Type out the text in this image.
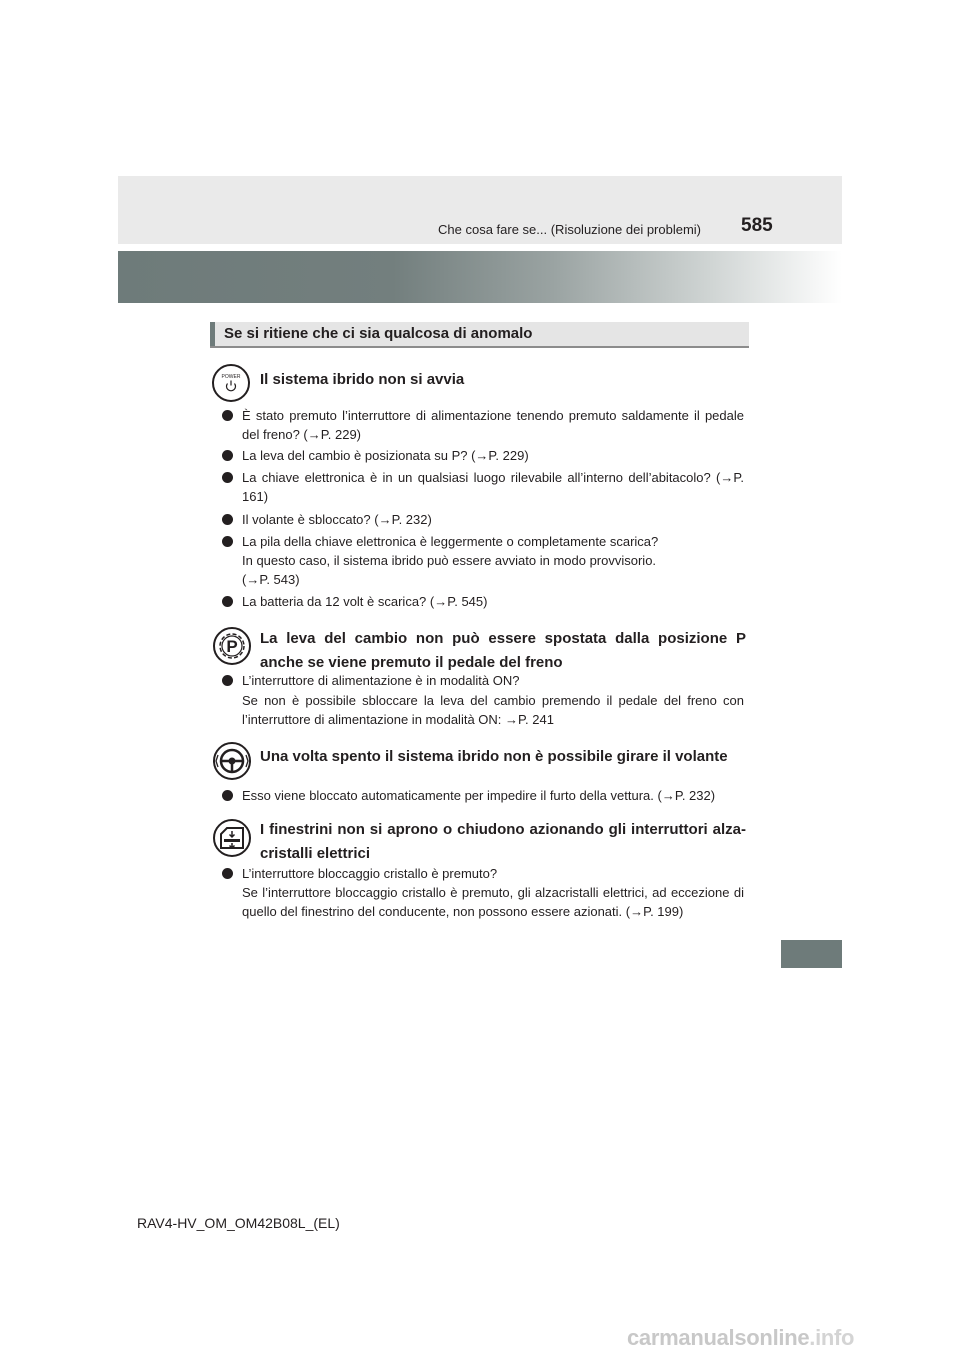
Che cosa fare se... (Risoluzione dei problemi) 585
Se si ritiene che ci sia qualcosa di anomalo
POWER Il sistema ibrido non si avvia
È stato premuto l’interruttore di alimentazione tenendo premuto saldamente il pedale del freno? (→P. 229)
La leva del cambio è posizionata su P? (→P. 229)
La chiave elettronica è in un qualsiasi luogo rilevabile all’interno dell’abitacolo? (→P. 161)
Il volante è sbloccato? (→P. 232)
La pila della chiave elettronica è leggermente o completamente scarica?
In questo caso, il sistema ibrido può essere avviato in modo provvisorio.
(→P. 543)
La batteria da 12 volt è scarica? (→P. 545)
P La leva del cambio non può essere spostata dalla posizione P anche se viene premuto il pedale del freno
L’interruttore di alimentazione è in modalità ON?
Se non è possibile sbloccare la leva del cambio premendo il pedale del freno con l’interruttore di alimentazione in modalità ON: →P. 241
Una volta spento il sistema ibrido non è possibile girare il volante
Esso viene bloccato automaticamente per impedire il furto della vettura. (→P. 232)
I finestrini non si aprono o chiudono azionando gli interruttori alza-cristalli elettrici
L’interruttore bloccaggio cristallo è premuto?
Se l’interruttore bloccaggio cristallo è premuto, gli alzacristalli elettrici, ad eccezione di quello del finestrino del conducente, non possono essere azionati. (→P. 199)
RAV4-HV_OM_OM42B08L_(EL)
carmanualsonline.info
